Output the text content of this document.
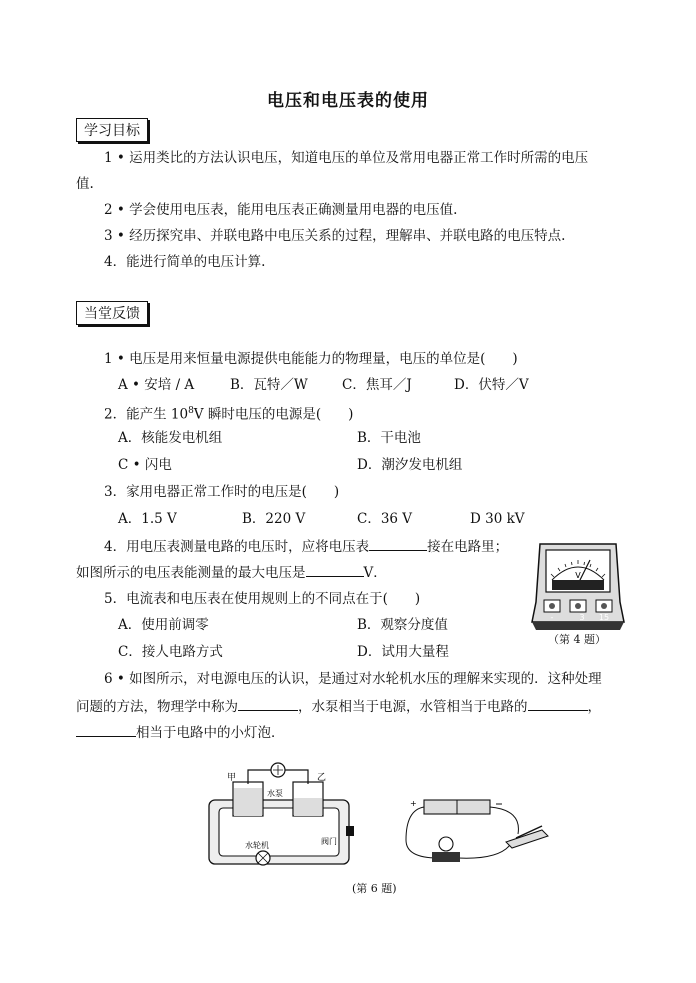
电压和电压表的使用
学习目标
1 • 运用类比的方法认识电压，知道电压的单位及常用电器正常工作时所需的电压
值.
2 • 学会使用电压表，能用电压表正确测量用电器的电压值.
3 • 经历探究串、并联电路中电压关系的过程，理解串、并联电路的电压特点.
4．能进行简单的电压计算.
当堂反馈
1 • 电压是用来恒量电源提供电能能力的物理量，电压的单位是(　　)
A • 安培 / A	B．瓦特／W	C．焦耳／J	D．伏特／V
2．能产生 $10^8V$ 瞬时电压的电源是(　　)
A．核能发电机组	B．干电池
C • 闪电	D．潮汐发电机组
3．家用电器正常工作时的电压是(　　)
A．1.5 V	B．220 V	C．36 V	D 30 kV
4．用电压表测量电路的电压时，应将电压表	接在电路里；
如图所示的电压表能测量的最大电压是	V．	V
-	3 15
（第 4 题）
5．电流表和电压表在使用规则上的不同点在于(　　)
A．使用前调零	B．观察分度值
C．接人电路方式	D．试用大量程
6 • 如图所示，对电源电压的认识，是通过对水轮机水压的理解来实现的．这种处理
问题的方法，物理学中称为	，水泵相当于电源，水管相当于电路的	，
相当于电路中的小灯泡．
甲	乙
水泵
阀门
水轮机
+
(第 6 题)
